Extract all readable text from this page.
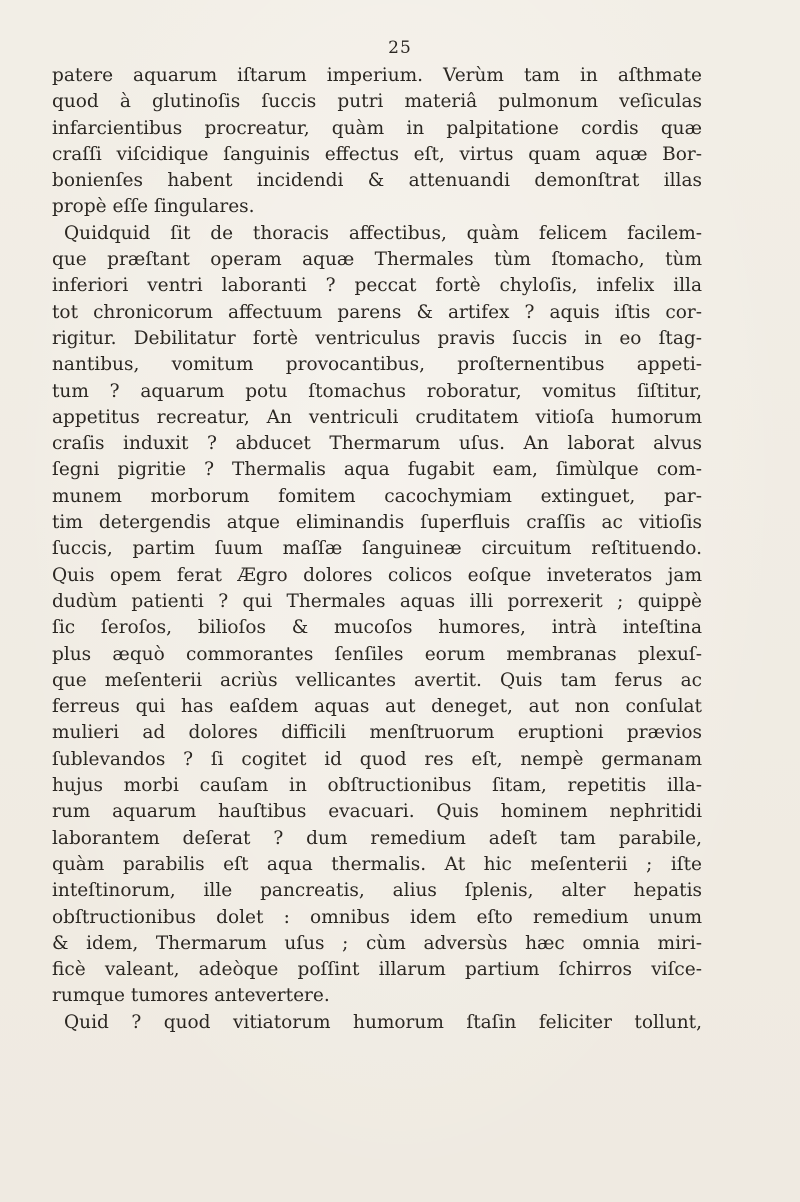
25
patere aquarum iſtarum imperium. Verùm tam in aſthmate
quod à glutinoſis ſuccis putri materiâ pulmonum veſiculas
infarcientibus procreatur, quàm in palpitatione cordis quæ
craſſi viſcidique ſanguinis effectus eſt, virtus quam aquæ Bor-
bonienſes habent incidendi & attenuandi demonſtrat illas
propè eſſe ſingulares.
Quidquid ſit de thoracis affectibus, quàm felicem facilem-
que præſtant operam aquæ Thermales tùm ſtomacho, tùm
inferiori ventri laboranti ? peccat fortè chyloſis, infelix illa
tot chronicorum affectuum parens & artifex ? aquis iſtis cor-
rigitur. Debilitatur fortè ventriculus pravis ſuccis in eo ſtag-
nantibus, vomitum provocantibus, proſternentibus appeti-
tum ? aquarum potu ſtomachus roboratur, vomitus ſiſtitur,
appetitus recreatur, An ventriculi cruditatem vitioſa humorum
craſis induxit ? abducet Thermarum uſus. An laborat alvus
ſegni pigritie ? Thermalis aqua fugabit eam, ſimùlque com-
munem morborum fomitem cacochymiam extinguet, par-
tim detergendis atque eliminandis ſuperfluis craſſis ac vitioſis
ſuccis, partim ſuum maſſæ ſanguineæ circuitum reſtituendo.
Quis opem ferat Ægro dolores colicos eoſque inveteratos jam
dudùm patienti ? qui Thermales aquas illi porrexerit ; quippè
ſic ſeroſos, bilioſos & mucoſos humores, intrà inteſtina
plus æquò commorantes ſenſiles eorum membranas plexuſ-
que meſenterii acriùs vellicantes avertit. Quis tam ferus ac
ferreus qui has eaſdem aquas aut deneget, aut non conſulat
mulieri ad dolores difficili menſtruorum eruptioni prævios
ſublevandos ? ſi cogitet id quod res eſt, nempè germanam
hujus morbi cauſam in obſtructionibus ſitam, repetitis illa-
rum aquarum hauſtibus evacuari. Quis hominem nephritidi
laborantem deſerat ? dum remedium adeſt tam parabile,
quàm parabilis eſt aqua thermalis. At hic meſenterii ; iſte
inteſtinorum, ille pancreatis, alius ſplenis, alter hepatis
obſtructionibus dolet : omnibus idem eſto remedium unum
& idem, Thermarum uſus ; cùm adversùs hæc omnia miri-
ficè valeant, adeòque poſſint illarum partium ſchirros viſce-
rumque tumores antevertere.
Quid ? quod vitiatorum humorum ſtaſin feliciter tollunt,
